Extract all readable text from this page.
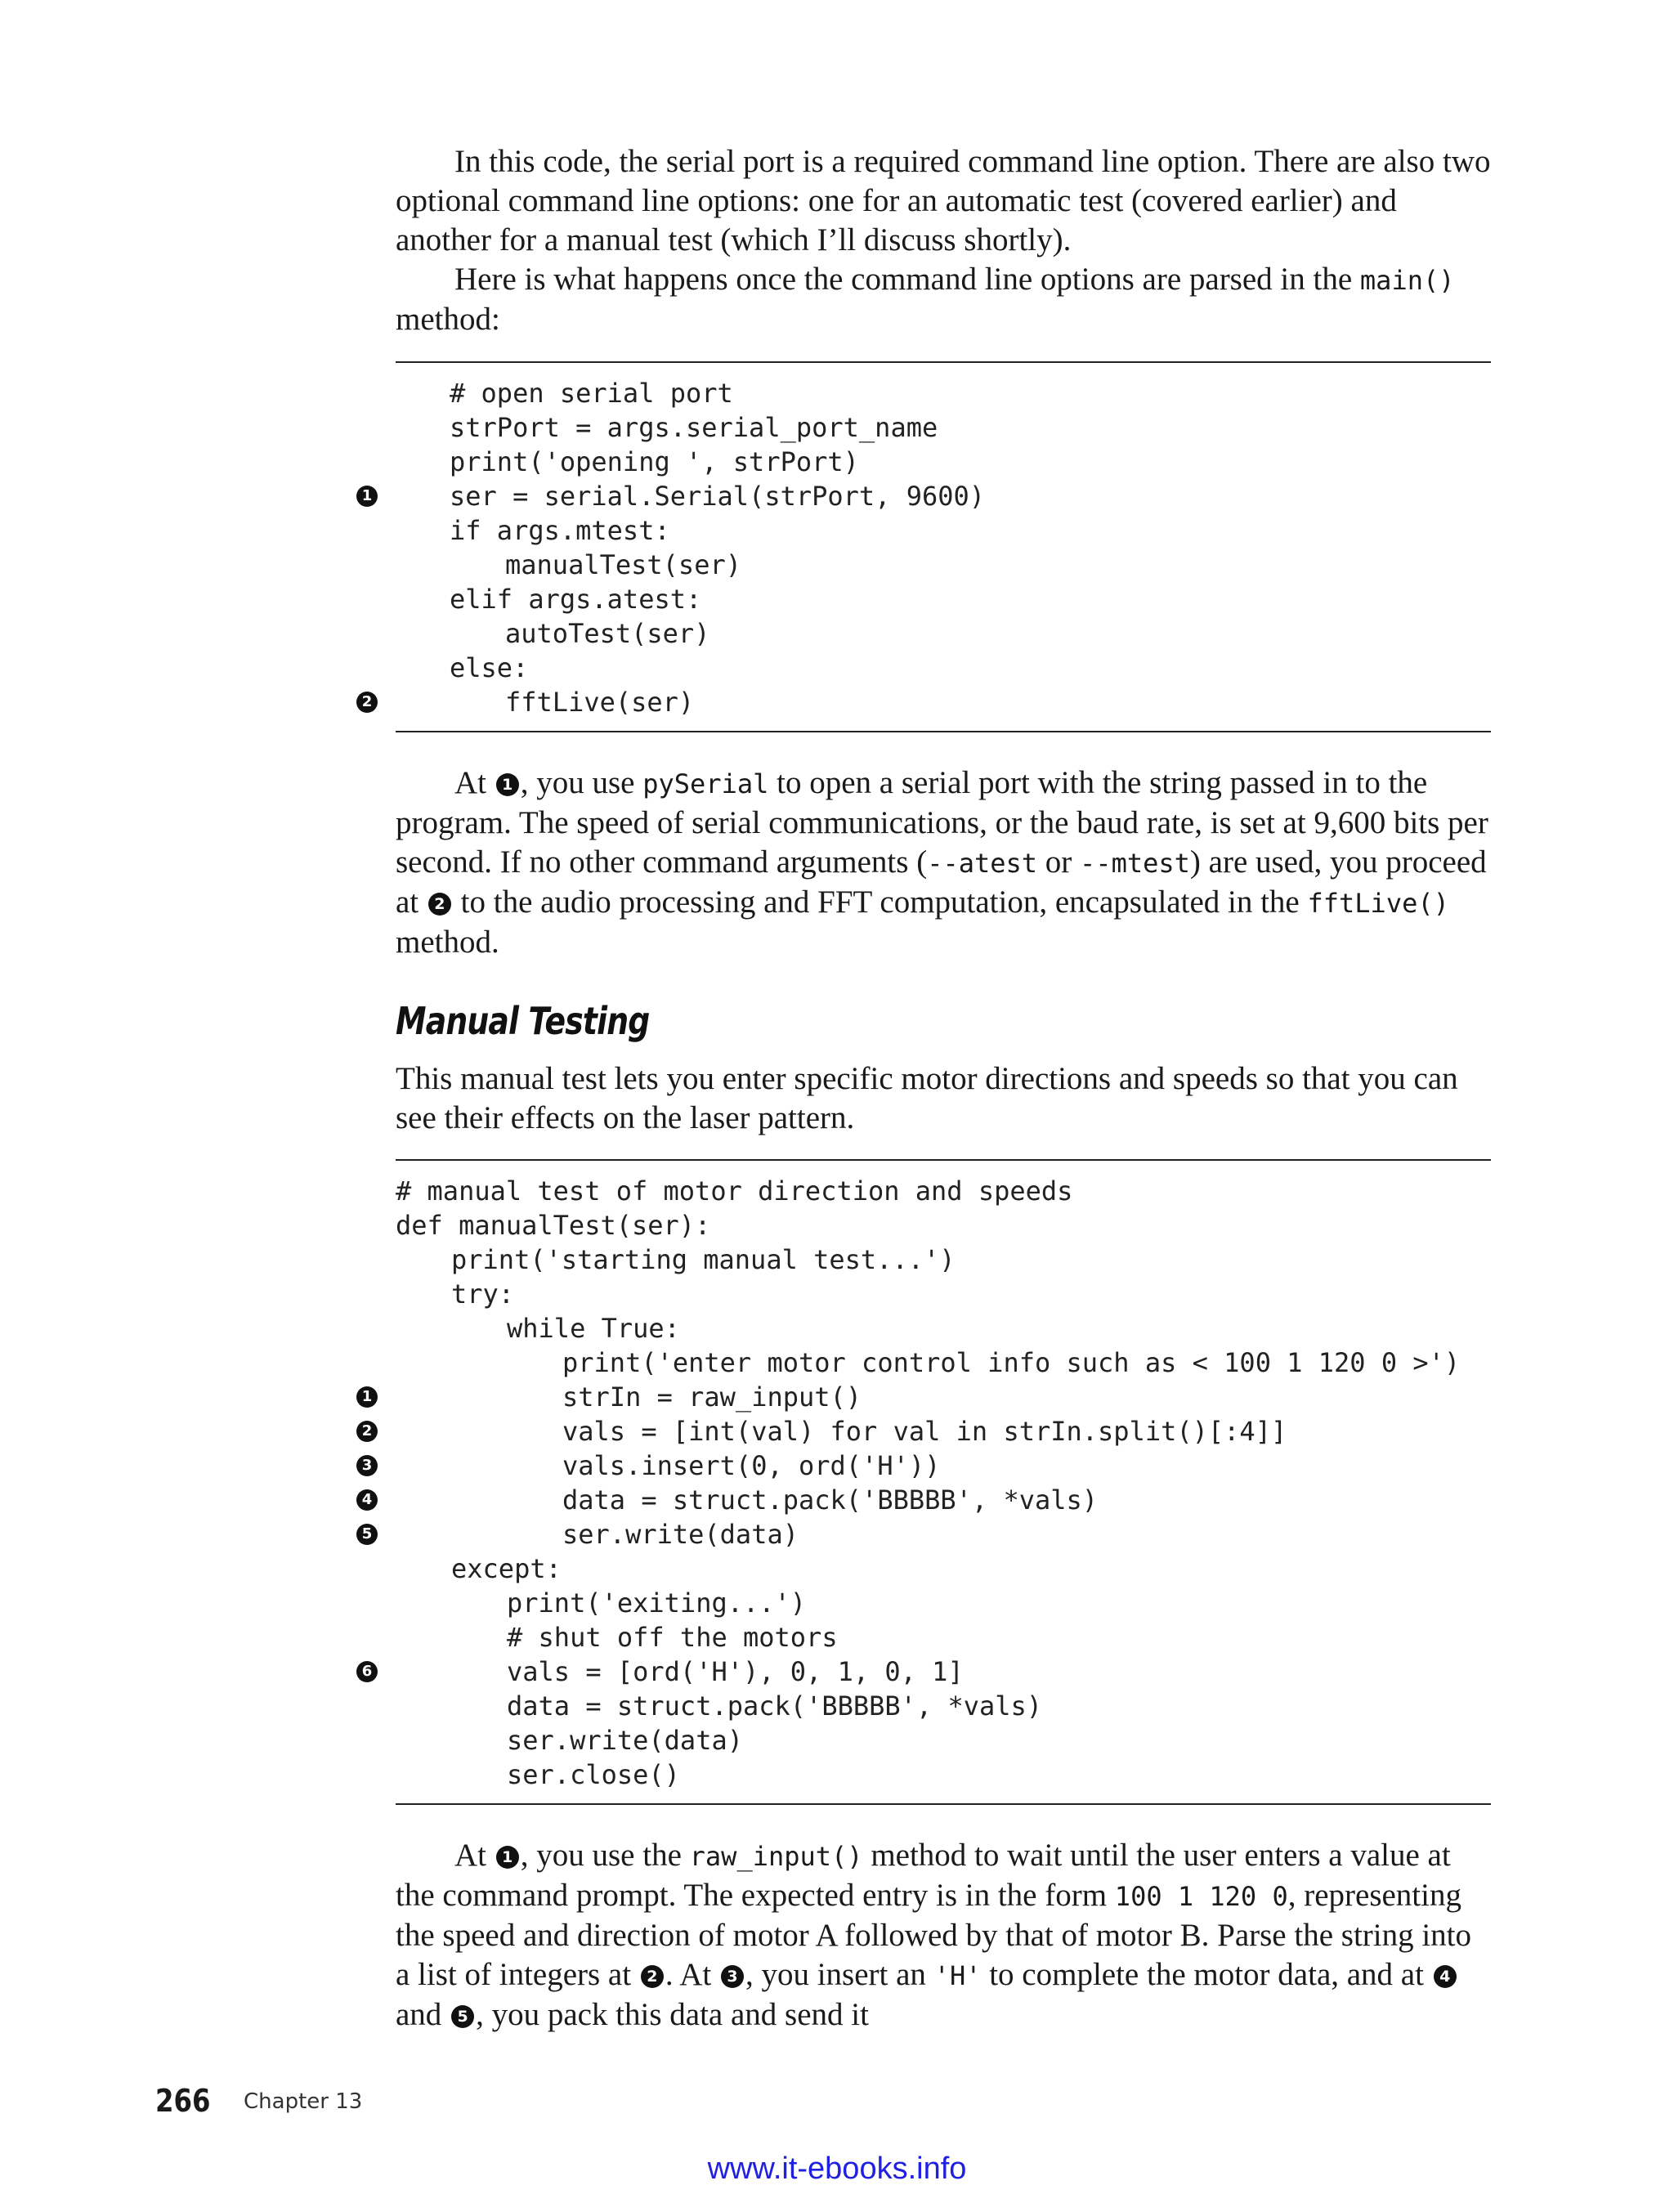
In this code, the serial port is a required command line option. There are also two optional command line options: one for an automatic test (covered earlier) and another for a manual test (which I’ll discuss shortly).

Here is what happens once the command line options are parsed in the main() method:

# open serial port
strPort = args.serial_port_name
print('opening ', strPort)
ser = serial.Serial(strPort, 9600)
if args.mtest:
manualTest(ser)
elif args.atest:
autoTest(ser)
else:
fftLive(ser)

At 1 , you use pySerial to open a serial port with the string passed in to the program. The speed of serial communications, or the baud rate, is set at 9,600 bits per second. If no other command arguments (--atest or --mtest) are used, you proceed at 2 to the audio processing and FFT computation, encapsulated in the fftLive() method.

Manual Testing

This manual test lets you enter specific motor directions and speeds so that you can see their effects on the laser pattern.

# manual test of motor direction and speeds
def manualTest(ser):
print('starting manual test...')
try:
while True:
print('enter motor control info such as < 100 1 120 0 >')
strIn = raw_input()
vals = [int(val) for val in strIn.split()[:4]]
vals.insert(0, ord('H'))
data = struct.pack('BBBBB', *vals)
ser.write(data)
except:
print('exiting...')
# shut off the motors
vals = [ord('H'), 0, 1, 0, 1]
data = struct.pack('BBBBB', *vals)
ser.write(data)
ser.close()

At 1 , you use the raw_input() method to wait until the user enters a value at the command prompt. The expected entry is in the form 100 1 120 0, representing the speed and direction of motor A followed by that of motor B. Parse the string into a list of integers at 2 . At 3 , you insert an 'H' to complete the motor data, and at 4 and 5 , you pack this data and send it

266 Chapter 13
www.it-ebooks.info
1
2
1
2
3
4
5
6
